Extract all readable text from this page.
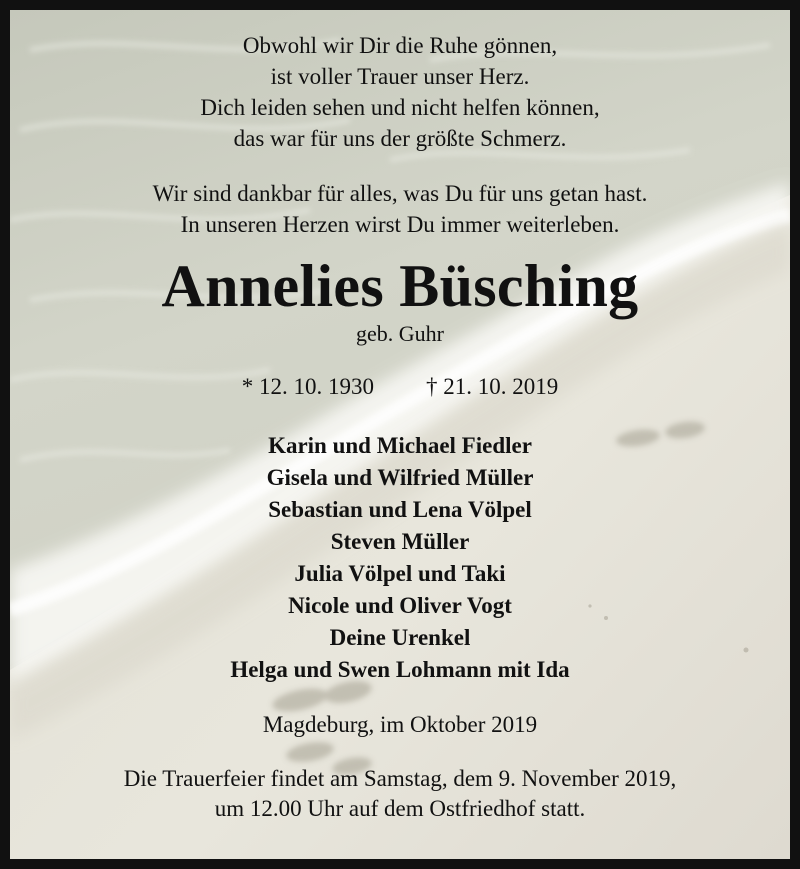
Obwohl wir Dir die Ruhe gönnen,
ist voller Trauer unser Herz.
Dich leiden sehen und nicht helfen können,
das war für uns der größte Schmerz.
Wir sind dankbar für alles, was Du für uns getan hast.
In unseren Herzen wirst Du immer weiterleben.
Annelies Büsching
geb. Guhr
* 12. 10. 1930 † 21. 10. 2019
Karin und Michael Fiedler
Gisela und Wilfried Müller
Sebastian und Lena Völpel
Steven Müller
Julia Völpel und Taki
Nicole und Oliver Vogt
Deine Urenkel
Helga und Swen Lohmann mit Ida
Magdeburg, im Oktober 2019
Die Trauerfeier findet am Samstag, dem 9. November 2019,
um 12.00 Uhr auf dem Ostfriedhof statt.
